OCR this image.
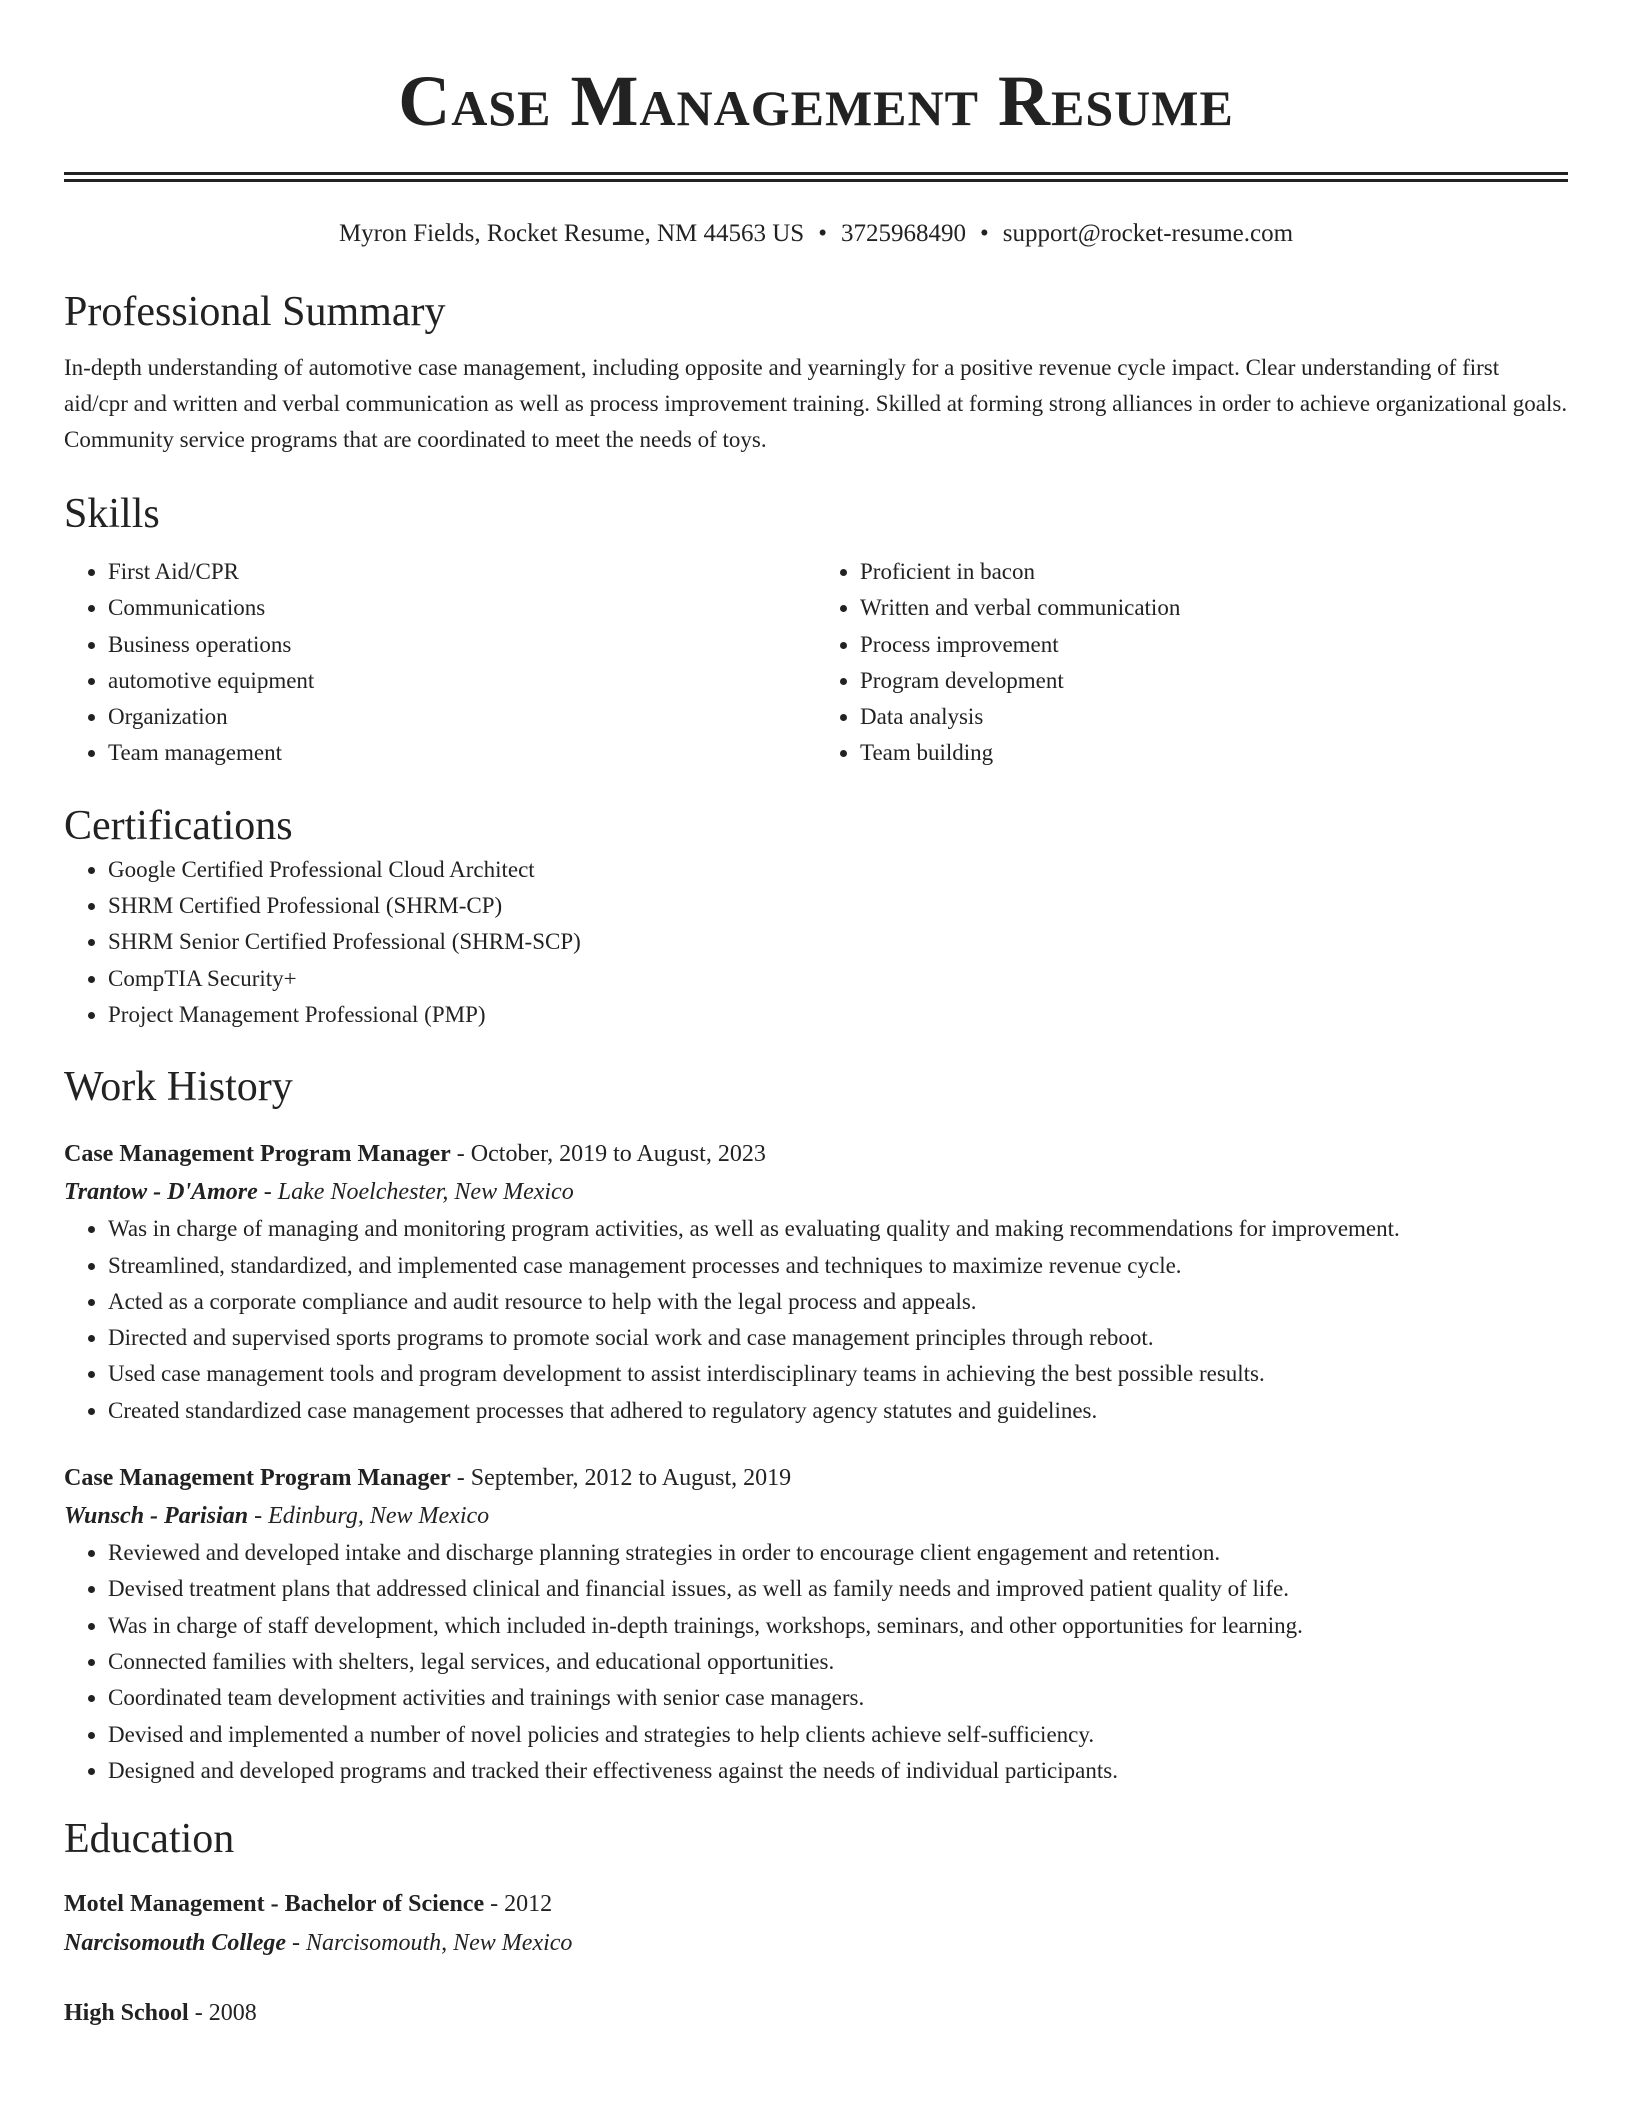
Case Management Resume
Myron Fields, Rocket Resume, NM 44563 US • 3725968490 • support@rocket-resume.com
Professional Summary

In-depth understanding of automotive case management, including opposite and yearningly for a positive revenue cycle impact. Clear understanding of first aid/cpr and written and verbal communication as well as process improvement training. Skilled at forming strong alliances in order to achieve organizational goals. Community service programs that are coordinated to meet the needs of toys.

Skills
• First Aid/CPR
• Communications
• Business operations
• automotive equipment
• Organization
• Team management
• Proficient in bacon
• Written and verbal communication
• Process improvement
• Program development
• Data analysis
• Team building
Certifications
• Google Certified Professional Cloud Architect
• SHRM Certified Professional (SHRM-CP)
• SHRM Senior Certified Professional (SHRM-SCP)
• CompTIA Security+
• Project Management Professional (PMP)
Work History
Case Management Program Manager - October, 2019 to August, 2023
Trantow - D'Amore - Lake Noelchester, New Mexico
• Was in charge of managing and monitoring program activities, as well as evaluating quality and making recommendations for improvement.
• Streamlined, standardized, and implemented case management processes and techniques to maximize revenue cycle.
• Acted as a corporate compliance and audit resource to help with the legal process and appeals.
• Directed and supervised sports programs to promote social work and case management principles through reboot.
• Used case management tools and program development to assist interdisciplinary teams in achieving the best possible results.
• Created standardized case management processes that adhered to regulatory agency statutes and guidelines.
Case Management Program Manager - September, 2012 to August, 2019
Wunsch - Parisian - Edinburg, New Mexico
• Reviewed and developed intake and discharge planning strategies in order to encourage client engagement and retention.
• Devised treatment plans that addressed clinical and financial issues, as well as family needs and improved patient quality of life.
• Was in charge of staff development, which included in-depth trainings, workshops, seminars, and other opportunities for learning.
• Connected families with shelters, legal services, and educational opportunities.
• Coordinated team development activities and trainings with senior case managers.
• Devised and implemented a number of novel policies and strategies to help clients achieve self-sufficiency.
• Designed and developed programs and tracked their effectiveness against the needs of individual participants.
Education
Motel Management - Bachelor of Science - 2012
Narcisomouth College - Narcisomouth, New Mexico
High School - 2008
